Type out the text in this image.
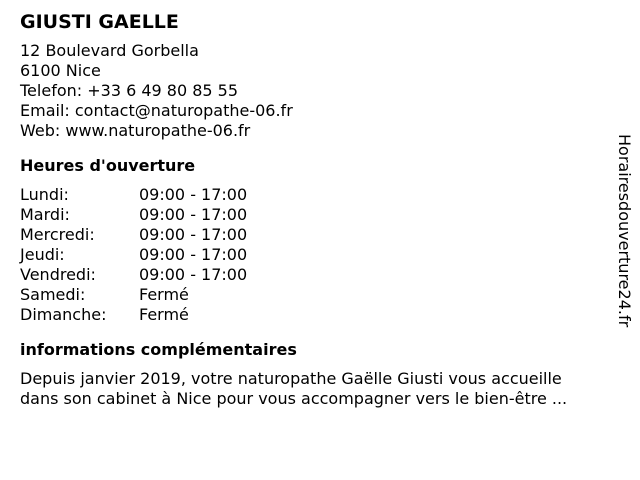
GIUSTI GAELLE
12 Boulevard Gorbella
6100 Nice
Telefon: +33 6 49 80 85 55
Email: contact@naturopathe-06.fr
Web: www.naturopathe-06.fr
Heures d'ouverture
Lundi:	09:00 - 17:00
Mardi:	09:00 - 17:00
Mercredi:	09:00 - 17:00
Jeudi:	09:00 - 17:00
Vendredi:	09:00 - 17:00
Samedi:	Fermé
Dimanche:	Fermé
informations complémentaires
Depuis janvier 2019, votre naturopathe Gaëlle Giusti vous accueille
dans son cabinet à Nice pour vous accompagner vers le bien-être ...
Horairesdouverture24.fr
